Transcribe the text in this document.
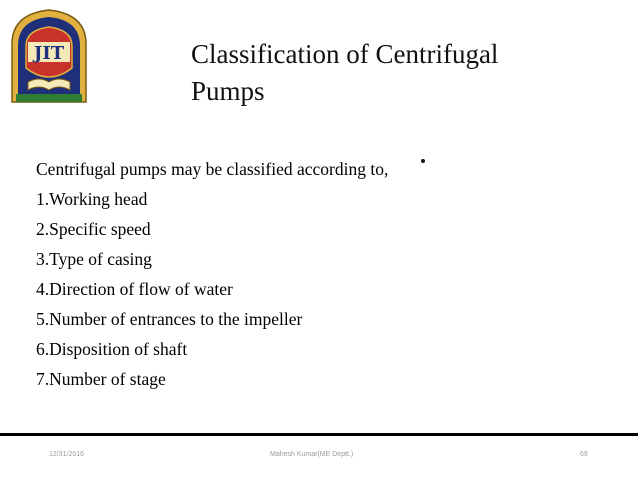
JIT	Classification of Centrifugal
Pumps
Centrifugal pumps may be classified according to,
1.Working head
2.Specific speed
3.Type of casing
4.Direction of flow of water
5.Number of entrances to the impeller
6.Disposition of shaft
7.Number of stage
12/31/2016	Mahesh Kumar(ME Deptt.)	69
